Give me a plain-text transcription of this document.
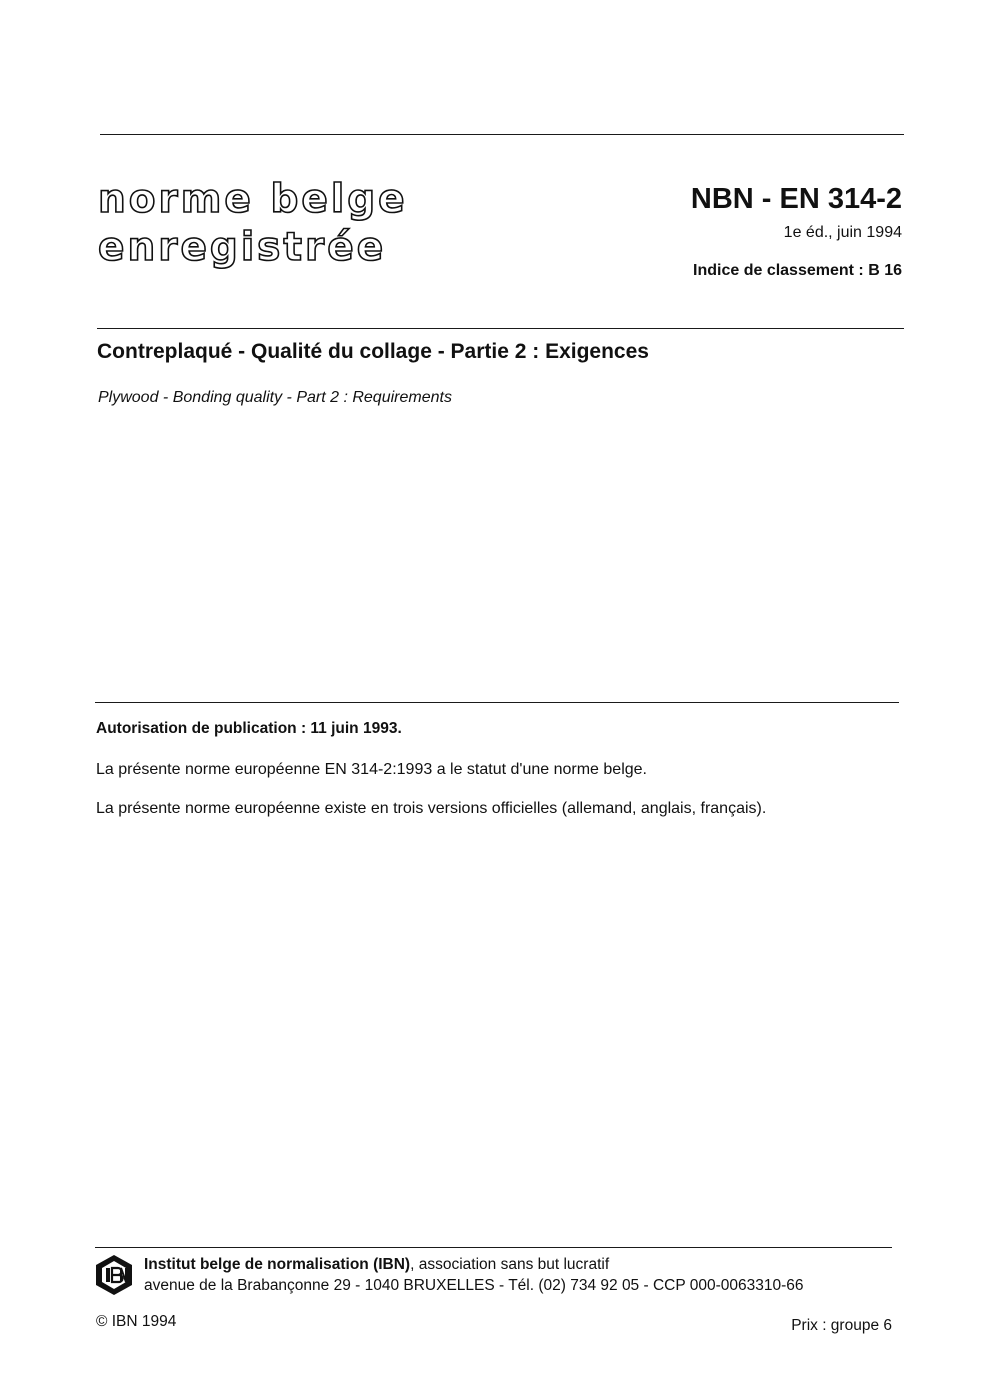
norme belge
enregistrée
NBN - EN 314-2
1e éd., juin 1994
Indice de classement : B 16
Contreplaqué - Qualité du collage - Partie 2 : Exigences
Plywood - Bonding quality - Part 2 : Requirements
Autorisation de publication : 11 juin 1993.
La présente norme européenne EN 314-2:1993 a le statut d'une norme belge.
La présente norme européenne existe en trois versions officielles (allemand, anglais, français).
Institut belge de normalisation (IBN), association sans but lucratif
avenue de la Brabançonne 29 - 1040 BRUXELLES - Tél. (02) 734 92 05 - CCP 000-0063310-66
© IBN 1994	Prix : groupe 6
